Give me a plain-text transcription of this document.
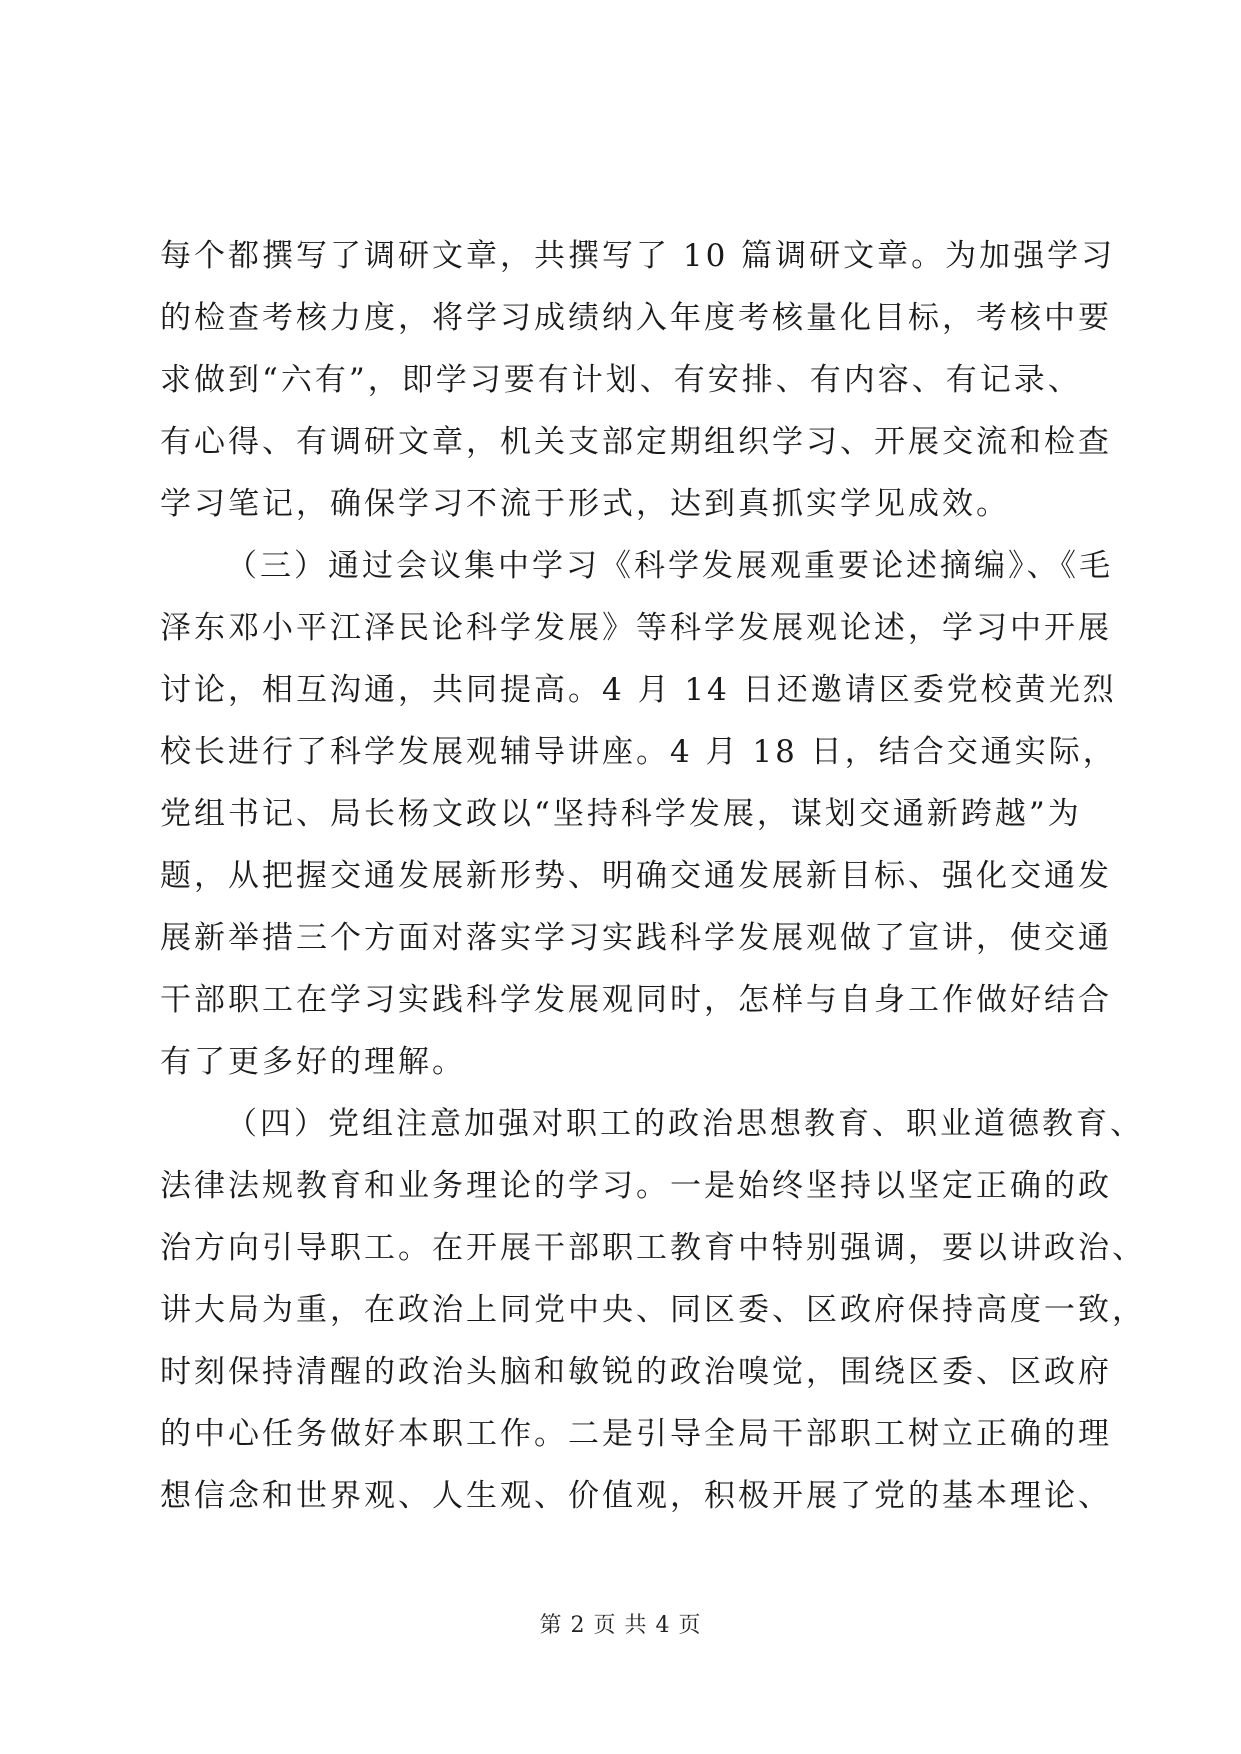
每个都撰写了调研文章，共撰写了 10 篇调研文章。为加强学习

的检查考核力度，将学习成绩纳入年度考核量化目标，考核中要

求做到“六有”，即学习要有计划、有安排、有内容、有记录、

有心得、有调研文章，机关支部定期组织学习、开展交流和检查

学习笔记，确保学习不流于形式，达到真抓实学见成效。

（三）通过会议集中学习《科学发展观重要论述摘编》、《毛

泽东邓小平江泽民论科学发展》等科学发展观论述，学习中开展

讨论，相互沟通，共同提高。4 月 14 日还邀请区委党校黄光烈

校长进行了科学发展观辅导讲座。4 月 18 日，结合交通实际，

党组书记、局长杨文政以“坚持科学发展，谋划交通新跨越”为

题，从把握交通发展新形势、明确交通发展新目标、强化交通发

展新举措三个方面对落实学习实践科学发展观做了宣讲，使交通

干部职工在学习实践科学发展观同时，怎样与自身工作做好结合

有了更多好的理解。

（四）党组注意加强对职工的政治思想教育、职业道德教育、

法律法规教育和业务理论的学习。一是始终坚持以坚定正确的政

治方向引导职工。在开展干部职工教育中特别强调，要以讲政治、

讲大局为重，在政治上同党中央、同区委、区政府保持高度一致，

时刻保持清醒的政治头脑和敏锐的政治嗅觉，围绕区委、区政府

的中心任务做好本职工作。二是引导全局干部职工树立正确的理

想信念和世界观、人生观、价值观，积极开展了党的基本理论、

第 2 页 共 4 页
